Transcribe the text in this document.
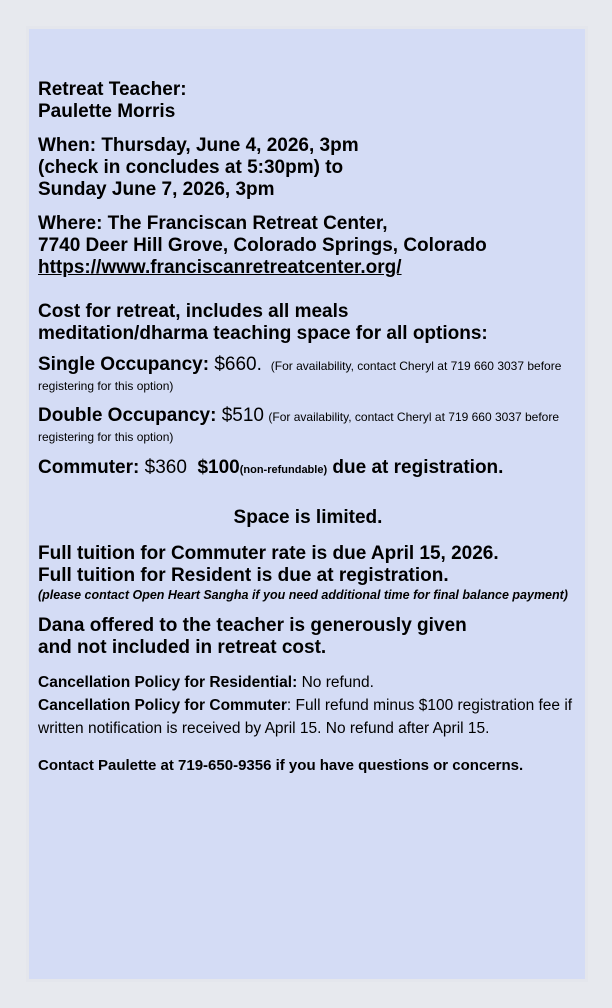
Retreat Teacher:
Paulette Morris

When: Thursday, June 4, 2026, 3pm
(check in concludes at 5:30pm) to
Sunday June 7, 2026, 3pm

Where: The Franciscan Retreat Center,
7740 Deer Hill Grove, Colorado Springs, Colorado
https://www.franciscanretreatcenter.org/

Cost for retreat, includes all meals
meditation/dharma teaching space for all options:

Single Occupancy: $660. (For availability, contact Cheryl at 719 660 3037 before registering for this option)

Double Occupancy: $510 (For availability, contact Cheryl at 719 660 3037 before registering for this option)

Commuter: $360 $100(non-refundable) due at registration.

Space is limited.

Full tuition for Commuter rate is due April 15, 2026.
Full tuition for Resident is due at registration.

(please contact Open Heart Sangha if you need additional time for final balance payment)

Dana offered to the teacher is generously given
and not included in retreat cost.

Cancellation Policy for Residential: No refund.

Cancellation Policy for Commuter: Full refund minus $100 registration fee if written notification is received by April 15. No refund after April 15.

Contact Paulette at 719-650-9356 if you have questions or concerns.
